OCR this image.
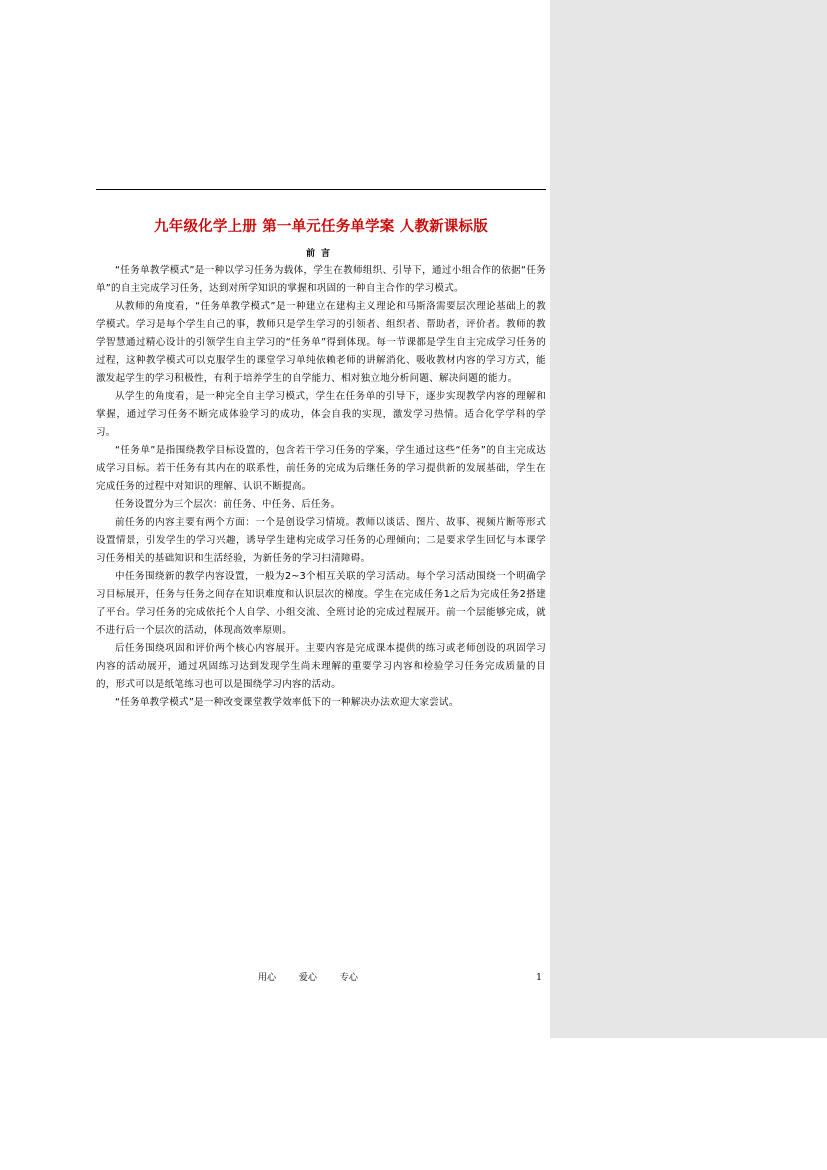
九年级化学上册 第一单元任务单学案 人教新课标版
前言

“任务单教学模式”是一种以学习任务为载体，学生在教师组织、引导下，通过小组合作的依据“任务单”的自主完成学习任务，达到对所学知识的掌握和巩固的一种自主合作的学习模式。

从教师的角度看，“任务单教学模式”是一种建立在建构主义理论和马斯洛需要层次理论基础上的教学模式。学习是每个学生自己的事，教师只是学生学习的引领者、组织者、帮助者，评价者。教师的教学智慧通过精心设计的引领学生自主学习的“任务单”得到体现。每一节课都是学生自主完成学习任务的过程，这种教学模式可以克服学生的课堂学习单纯依赖老师的讲解消化、吸收教材内容的学习方式，能激发起学生的学习积极性，有利于培养学生的自学能力、相对独立地分析问题、解决问题的能力。

从学生的角度看，是一种完全自主学习模式，学生在任务单的引导下，逐步实现教学内容的理解和掌握，通过学习任务不断完成体验学习的成功，体会自我的实现，激发学习热情。适合化学学科的学习。

“任务单”是指围绕教学目标设置的，包含若干学习任务的学案，学生通过这些“任务”的自主完成达成学习目标。若干任务有其内在的联系性，前任务的完成为后继任务的学习提供新的发展基础，学生在完成任务的过程中对知识的理解、认识不断提高。

任务设置分为三个层次：前任务、中任务、后任务。

前任务的内容主要有两个方面：一个是创设学习情境。教师以谈话、图片、故事、视频片断等形式设置情景，引发学生的学习兴趣，诱导学生建构完成学习任务的心理倾向；二是要求学生回忆与本课学习任务相关的基础知识和生活经验，为新任务的学习扫清障碍。

中任务围绕新的教学内容设置，一般为2~3个相互关联的学习活动。每个学习活动围绕一个明确学习目标展开，任务与任务之间存在知识难度和认识层次的梯度。学生在完成任务1之后为完成任务2搭建了平台。学习任务的完成依托个人自学、小组交流、全班讨论的完成过程展开。前一个层能够完成，就不进行后一个层次的活动，体现高效率原则。

后任务围绕巩固和评价两个核心内容展开。主要内容是完成课本提供的练习或老师创设的巩固学习内容的活动展开，通过巩固练习达到发现学生尚未理解的重要学习内容和检验学习任务完成质量的目的，形式可以是纸笔练习也可以是围绕学习内容的活动。

“任务单教学模式”是一种改变课堂教学效率低下的一种解决办法欢迎大家尝试。

用心	爱心	专心	1
